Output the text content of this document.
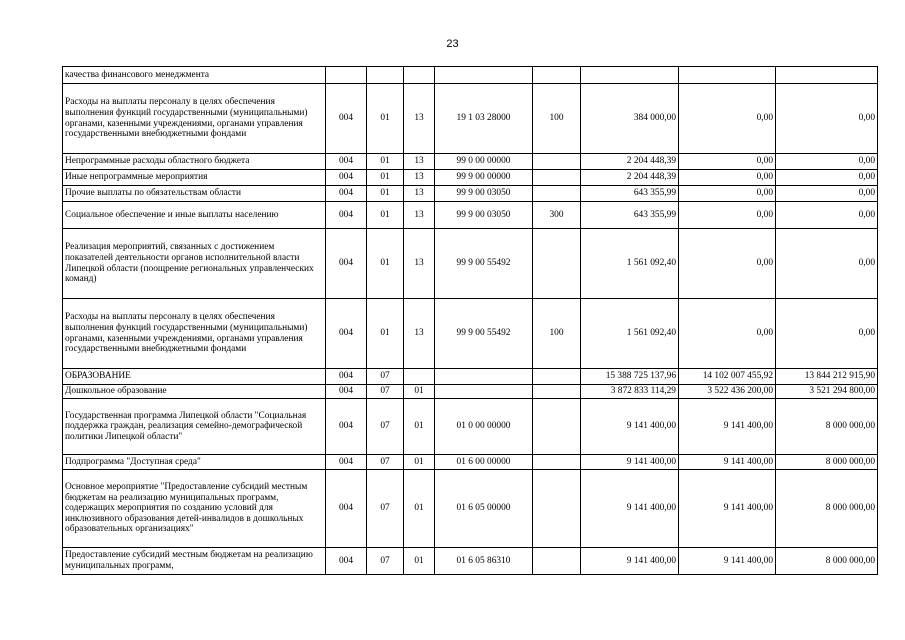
23
качества финансового менеджмента								
Расходы на выплаты персоналу в целях обеспечения выполнения функций государственными (муниципальными) органами, казенными учреждениями, органами управления государственными внебюджетными фондами	004	01	13	19 1 03 28000	100	384 000,00	0,00	0,00
Непрограммные расходы областного бюджета	004	01	13	99 0 00 00000		2 204 448,39	0,00	0,00
Иные непрограммные мероприятия	004	01	13	99 9 00 00000		2 204 448,39	0,00	0,00
Прочие выплаты по обязательствам области	004	01	13	99 9 00 03050		643 355,99	0,00	0,00
Социальное обеспечение и иные выплаты населению	004	01	13	99 9 00 03050	300	643 355,99	0,00	0,00
Реализация мероприятий, связанных с достижением показателей деятельности органов исполнительной власти Липецкой области (поощрение региональных управленческих команд)	004	01	13	99 9 00 55492		1 561 092,40	0,00	0,00
Расходы на выплаты персоналу в целях обеспечения выполнения функций государственными (муниципальными) органами, казенными учреждениями, органами управления государственными внебюджетными фондами	004	01	13	99 9 00 55492	100	1 561 092,40	0,00	0,00
ОБРАЗОВАНИЕ	004	07				15 388 725 137,96	14 102 007 455,92	13 844 212 915,90
Дошкольное образование	004	07	01			3 872 833 114,29	3 522 436 200,00	3 521 294 800,00
Государственная программа Липецкой области "Социальная поддержка граждан, реализация семейно-демографической политики Липецкой области"	004	07	01	01 0 00 00000		9 141 400,00	9 141 400,00	8 000 000,00
Подпрограмма "Доступная среда"	004	07	01	01 6 00 00000		9 141 400,00	9 141 400,00	8 000 000,00
Основное мероприятие "Предоставление субсидий местным бюджетам на реализацию муниципальных программ, содержащих мероприятия по созданию условий для инклюзивного образования детей-инвалидов в дошкольных образовательных организациях"	004	07	01	01 6 05 00000		9 141 400,00	9 141 400,00	8 000 000,00
Предоставление субсидий местным бюджетам на реализацию муниципальных программ,	004	07	01	01 6 05 86310		9 141 400,00	9 141 400,00	8 000 000,00
